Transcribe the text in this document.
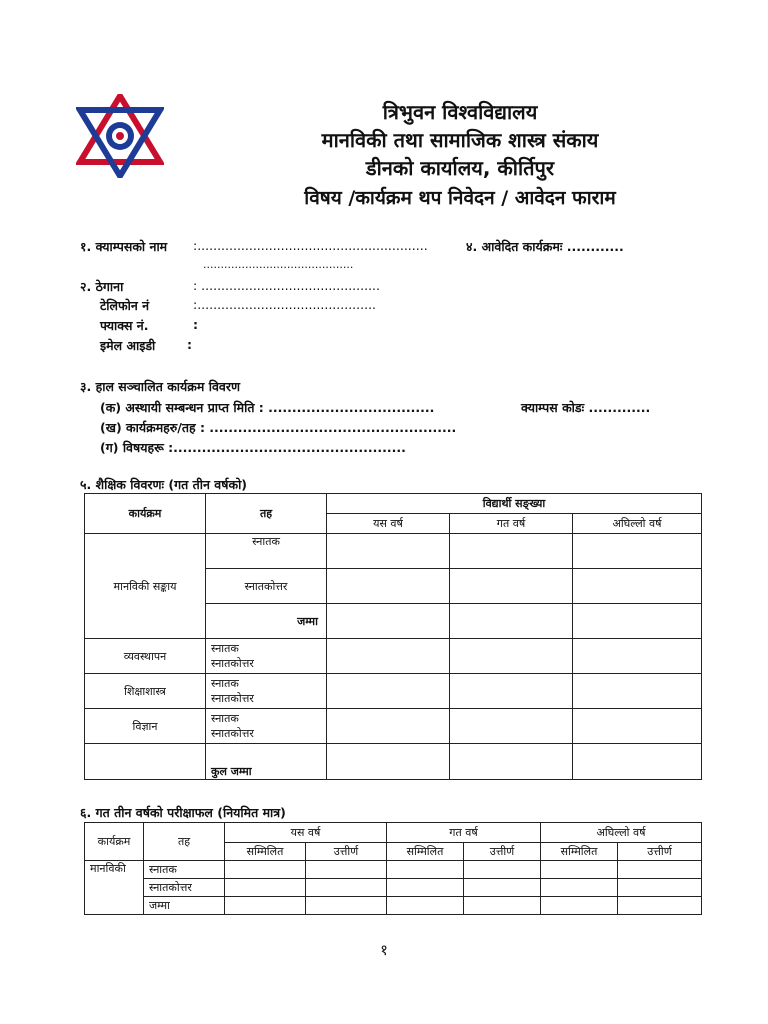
त्रिभुवन विश्वविद्यालय
मानविकी तथा सामाजिक शास्त्र संकाय
डीनको कार्यालय, कीर्तिपुर
विषय /कार्यक्रम थप निवेदन / आवेदन फाराम
१. क्याम्पसको नाम :..........................................................
...........................................
४. आवेदित कार्यक्रमः ............
२. ठेगाना	: .............................................
टेलिफोन नं	:.............................................
फ्याक्स नं.	:
इमेल आइडी	:
३. हाल सञ्चालित कार्यक्रम विवरण
(क) अस्थायी सम्बन्धन प्राप्त मिति : ...................................	क्याम्पस कोडः .............
(ख) कार्यक्रमहरु/तह : ....................................................
(ग) विषयहरू :.................................................
५. शैक्षिक विवरणः (गत तीन वर्षको)
कार्यक्रम	तह	विद्यार्थी सङ्ख्या		
		यस वर्ष	गत वर्ष	अघिल्लो वर्ष
मानविकी सङ्काय	स्नातक			
	स्नातकोत्तर			
	जम्मा			
व्यवस्थापन	स्नातक
स्नातकोत्तर			
शिक्षाशास्त्र	स्नातक
स्नातकोत्तर			
विज्ञान	स्नातक
स्नातकोत्तर			
	कुल जम्मा			
६. गत तीन वर्षको परीक्षाफल (नियमित मात्र)
कार्यक्रम	तह	यस वर्ष		गत वर्ष		अघिल्लो वर्ष	
		सम्मिलित	उत्तीर्ण	सम्मिलित	उत्तीर्ण	सम्मिलित	उत्तीर्ण
मानविकी	स्नातक						
	स्नातकोत्तर						
	जम्मा						
१
